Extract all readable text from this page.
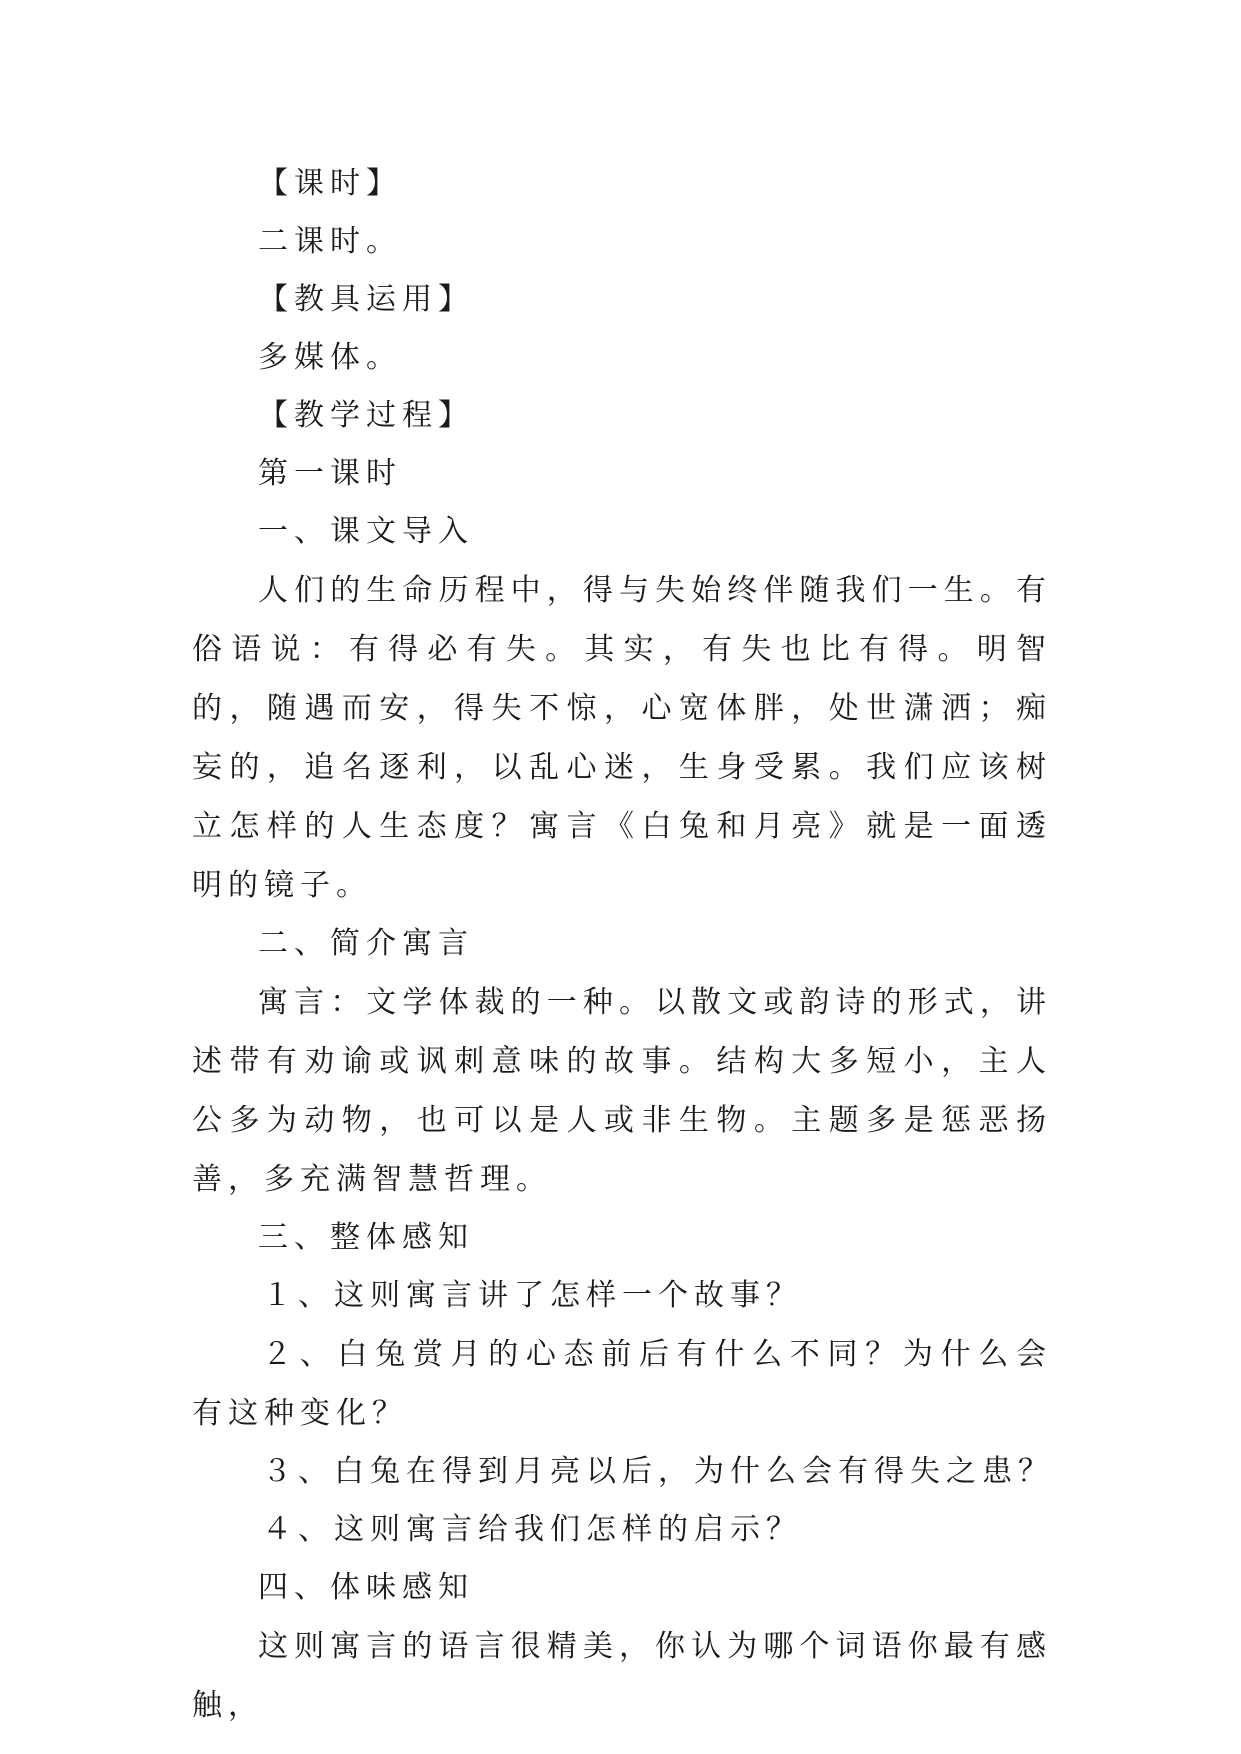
【课时】
二课时。
【教具运用】
多媒体。
【教学过程】
第一课时
一、课文导入

人们的生命历程中，得与失始终伴随我们一生。有俗语说：有得必有失。其实，有失也比有得。明智的，随遇而安，得失不惊，心宽体胖，处世潇洒；痴妄的，追名逐利，以乱心迷，生身受累。我们应该树立怎样的人生态度？寓言《白兔和月亮》就是一面透明的镜子。

二、简介寓言

寓言：文学体裁的一种。以散文或韵诗的形式，讲述带有劝谕或讽刺意味的故事。结构大多短小，主人公多为动物，也可以是人或非生物。主题多是惩恶扬善，多充满智慧哲理。

三、整体感知
１、这则寓言讲了怎样一个故事？

２、白兔赏月的心态前后有什么不同？为什么会有这种变化？

３、白兔在得到月亮以后，为什么会有得失之患？
４、这则寓言给我们怎样的启示？
四、体味感知

这则寓言的语言很精美，你认为哪个词语你最有感触，
